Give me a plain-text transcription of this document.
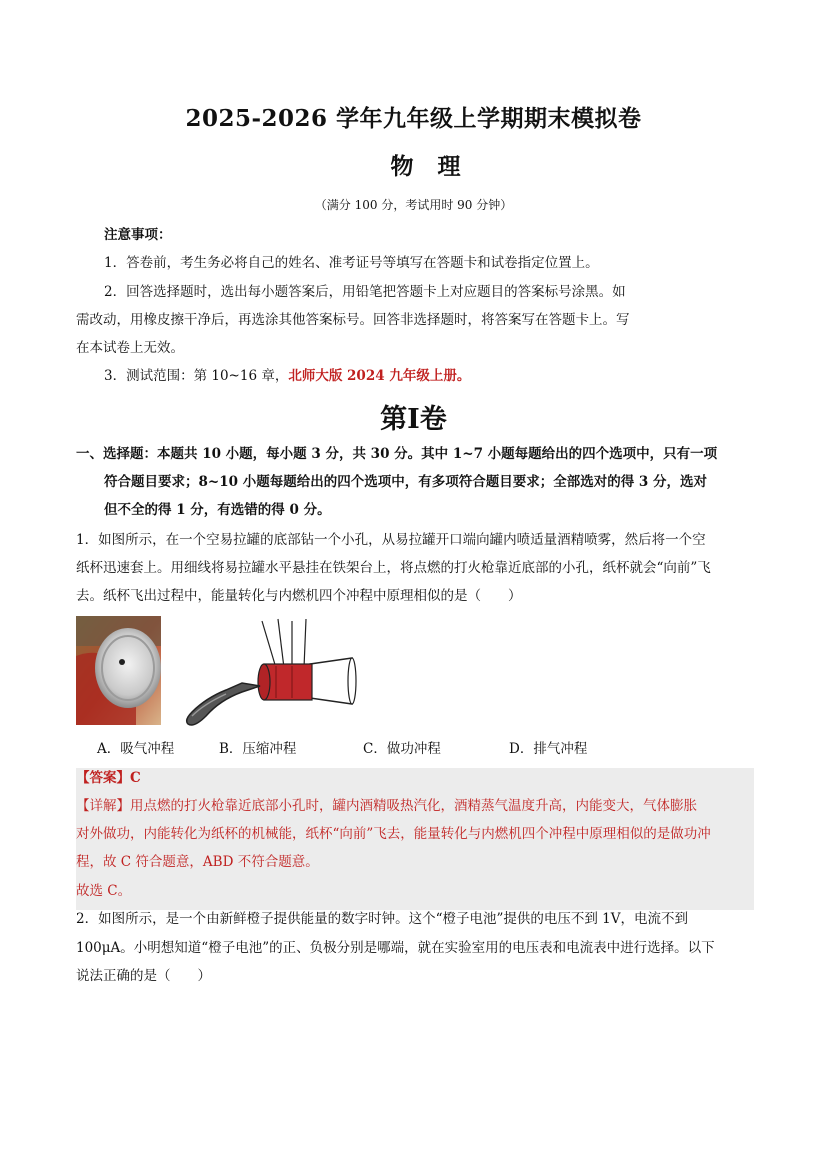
2025-2026 学年九年级上学期期末模拟卷
物理
（满分 100 分，考试用时 90 分钟）
注意事项：
1．答卷前，考生务必将自己的姓名、准考证号等填写在答题卡和试卷指定位置上。
2．回答选择题时，选出每小题答案后，用铅笔把答题卡上对应题目的答案标号涂黑。如
需改动，用橡皮擦干净后，再选涂其他答案标号。回答非选择题时，将答案写在答题卡上。写
在本试卷上无效。
3．测试范围：第 10~16 章，北师大版 2024 九年级上册。
第I卷
一、选择题：本题共 10 小题，每小题 3 分，共 30 分。其中 1~7 小题每题给出的四个选项中，只有一项
符合题目要求；8~10 小题每题给出的四个选项中，有多项符合题目要求；全部选对的得 3 分，选对
但不全的得 1 分，有选错的得 0 分。
1．如图所示，在一个空易拉罐的底部钻一个小孔，从易拉罐开口端向罐内喷适量酒精喷雾，然后将一个空
纸杯迅速套上。用细线将易拉罐水平悬挂在铁架台上，将点燃的打火枪靠近底部的小孔，纸杯就会“向前”飞
去。纸杯飞出过程中，能量转化与内燃机四个冲程中原理相似的是（　　）
A．吸气冲程	B．压缩冲程	C．做功冲程	D．排气冲程
【答案】C
【详解】用点燃的打火枪靠近底部小孔时，罐内酒精吸热汽化，酒精蒸气温度升高，内能变大，气体膨胀
对外做功，内能转化为纸杯的机械能，纸杯“向前”飞去，能量转化与内燃机四个冲程中原理相似的是做功冲
程，故 C 符合题意，ABD 不符合题意。
故选 C。
2．如图所示，是一个由新鲜橙子提供能量的数字时钟。这个“橙子电池”提供的电压不到 1V，电流不到
100μA。小明想知道“橙子电池”的正、负极分别是哪端，就在实验室用的电压表和电流表中进行选择。以下
说法正确的是（　　）
